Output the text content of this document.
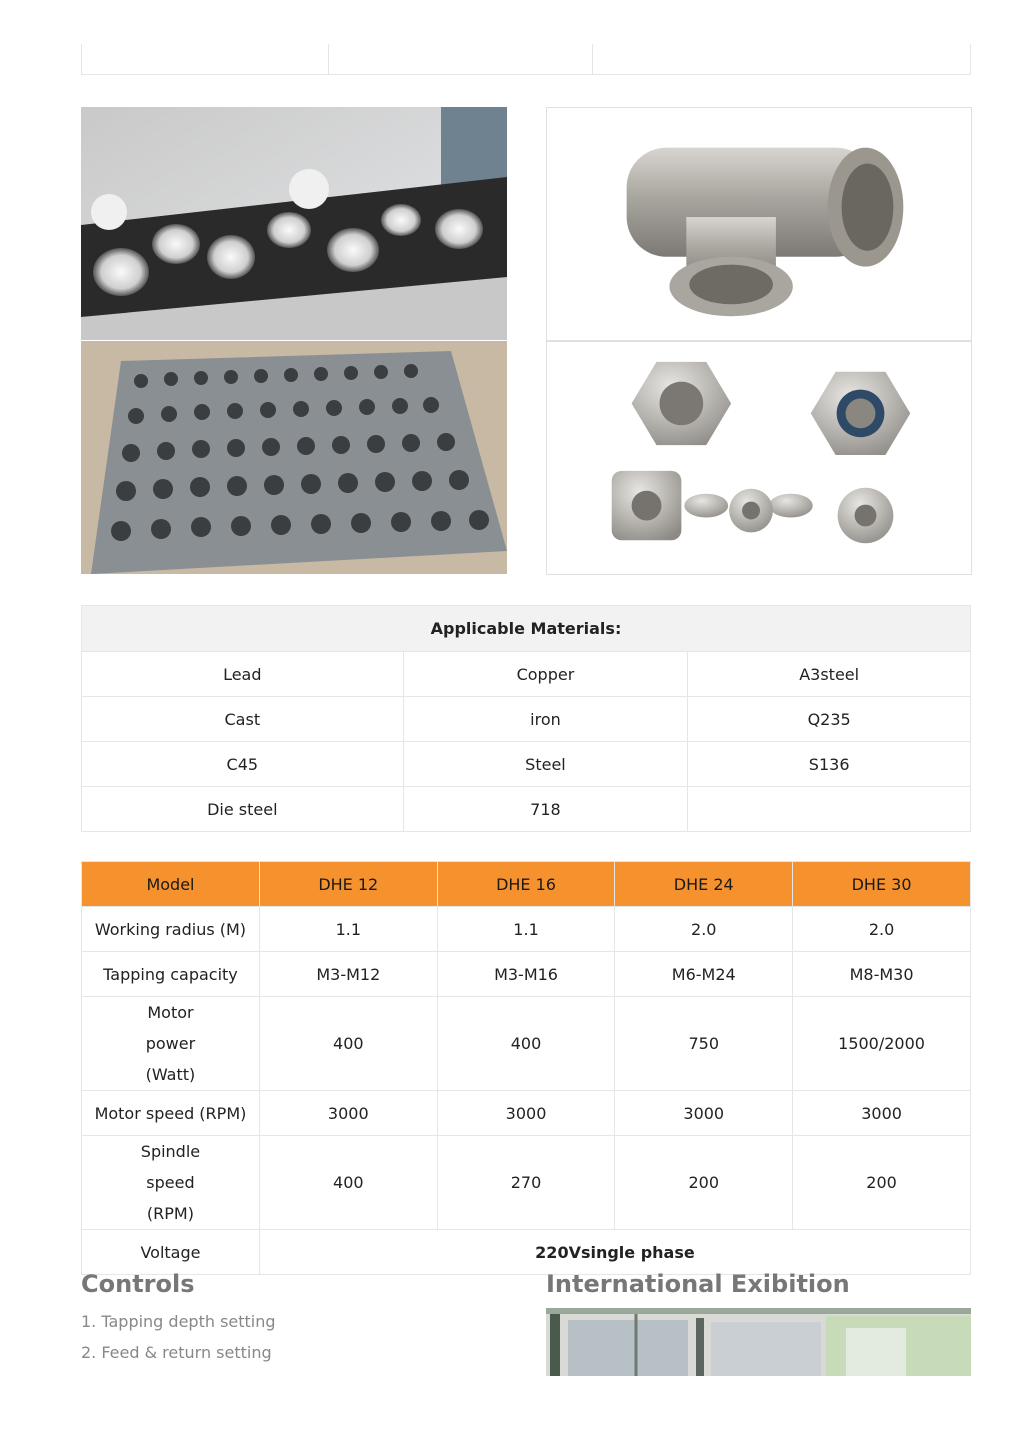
Applicable Materials:		
Lead	Copper	A3steel
Cast	iron	Q235
C45	Steel	S136
Die steel	718	
Model	DHE 12	DHE 16	DHE 24	DHE 30
Working radius (M)	1.1	1.1	2.0	2.0
Tapping capacity	M3-M12	M3-M16	M6-M24	M8-M30
Motor power (Watt)	400	400	750	1500/2000
Motor speed (RPM)	3000	3000	3000	3000
Spindle speed (RPM)	400	270	200	200
Voltage	220Vsingle phase			
Controls
1. Tapping depth setting
2. Feed & return setting
International Exibition
